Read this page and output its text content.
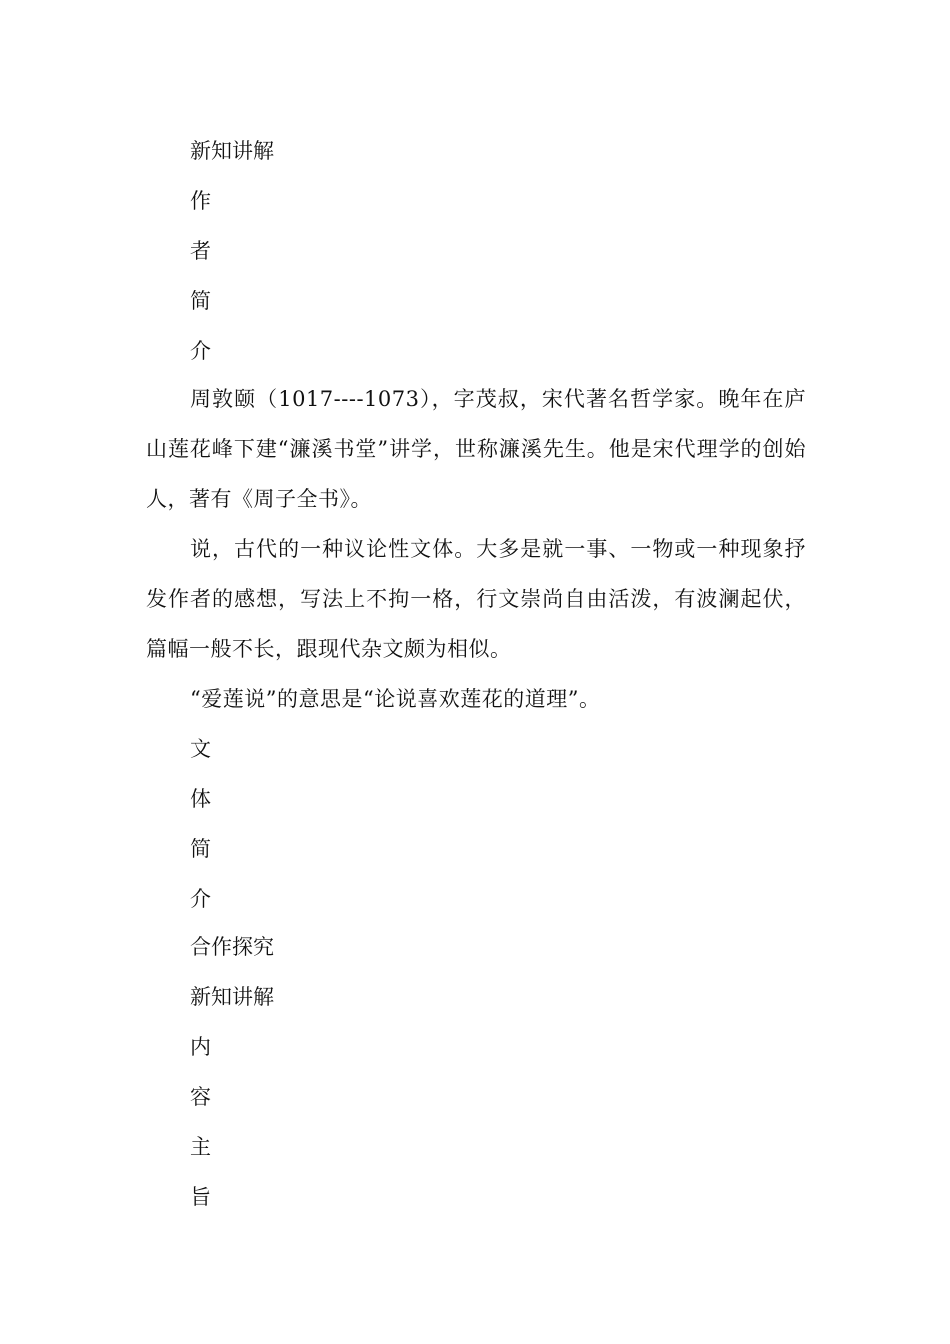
新知讲解
作
者
简
介
周敦颐（1017----1073），字茂叔，宋代著名哲学家。晚年在庐山莲花峰下建“濂溪书堂”讲学，世称濂溪先生。他是宋代理学的创始人，著有《周子全书》。
说，古代的一种议论性文体。大多是就一事、一物或一种现象抒发作者的感想，写法上不拘一格，行文崇尚自由活泼，有波澜起伏，篇幅一般不长，跟现代杂文颇为相似。
“爱莲说”的意思是“论说喜欢莲花的道理”。
文
体
简
介
合作探究
新知讲解
内
容
主
旨
